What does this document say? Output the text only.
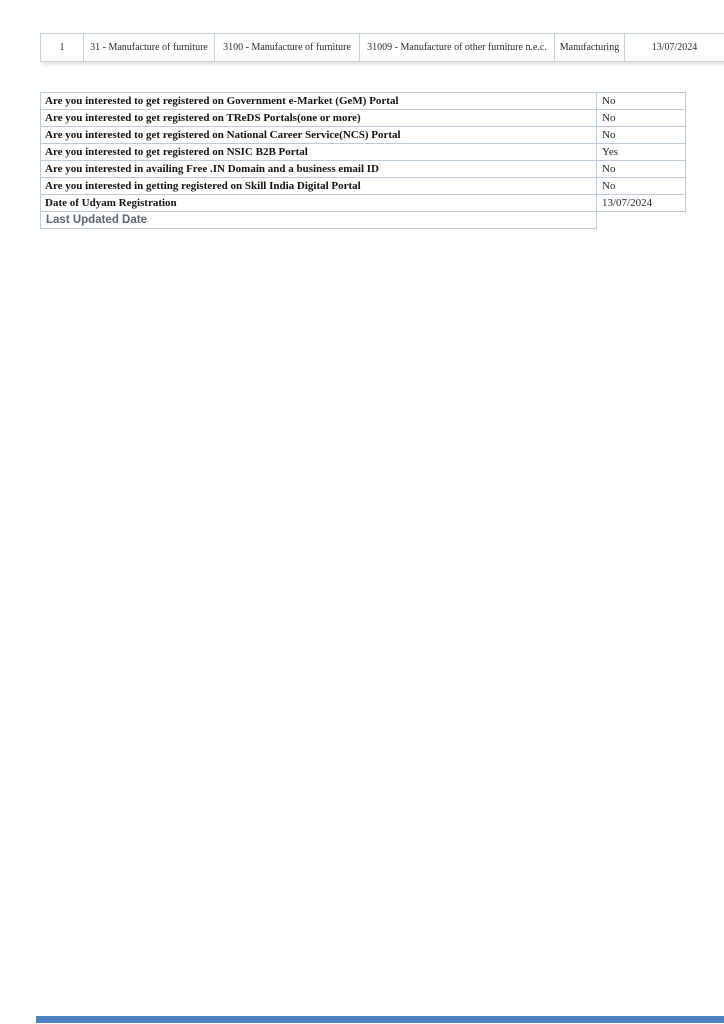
1	31 - Manufacture of furniture	3100 - Manufacture of furniture	31009 - Manufacture of other furniture n.e.c.	Manufacturing	13/07/2024
Are you interested to get registered on Government e-Market (GeM) Portal	No
Are you interested to get registered on TReDS Portals(one or more)	No
Are you interested to get registered on National Career Service(NCS) Portal	No
Are you interested to get registered on NSIC B2B Portal	Yes
Are you interested in availing Free .IN Domain and a business email ID	No
Are you interested in getting registered on Skill India Digital Portal	No
Date of Udyam Registration	13/07/2024
Last Updated Date
